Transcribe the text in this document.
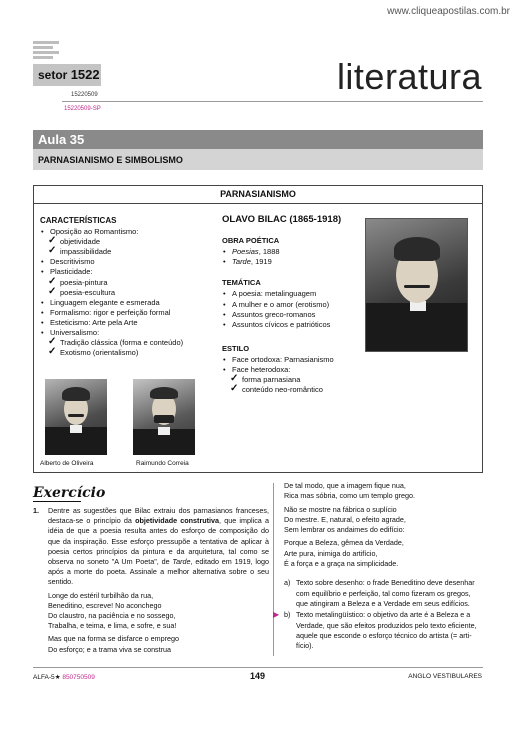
www.cliqueapostilas.com.br
setor 1522
15220509
15220509-SP
literatura
Aula 35
PARNASIANISMO E SIMBOLISMO
PARNASIANISMO
CARACTERÍSTICAS
• Oposição ao Romantismo:
✓ objetividade
✓ impassibilidade
• Descritivismo
• Plasticidade:
✓ poesia-pintura
✓ poesia-escultura
• Linguagem elegante e esmerada
• Formalismo: rigor e perfeição formal
• Esteticismo: Arte pela Arte
• Universalismo:
✓ Tradição clássica (forma e conteúdo)
✓ Exotismo (orientalismo)
OLAVO BILAC (1865-1918)
OBRA POÉTICA
• Poesias, 1888
• Tarde, 1919
TEMÁTICA
• A poesia: metalinguagem
• A mulher e o amor (erotismo)
• Assuntos greco-romanos
• Assuntos cívicos e patrióticos
ESTILO
• Face ortodoxa: Parnasianismo
• Face heterodoxa:
✓ forma parnasiana
✓ conteúdo neo-romântico
Alberto de Oliveira	Raimundo Correia
Exercício
1. Dentre as sugestões que Bilac extraiu dos parnasianos franceses, destaca-se o princípio da objetividade construtiva, que implica a idéia de que a poesia resulta antes do esforço de composição do que da inspiração. Esse esforço pressupõe a tentativa de aplicar à poesia certos princípios da pintura e da arquitetura, tal como se observa no soneto "A Um Poeta", de Tarde, editado em 1919, logo após a morte do poeta. Assinale a melhor alternativa sobre o seu sentido.

Longe do estéril turbilhão da rua,
Beneditino, escreve! No aconchego
Do claustro, na paciência e no sossego,
Trabalha, e teima, e lima, e sofre, e sua!
Mas que na forma se disfarce o emprego
Do esforço; e a trama viva se construa
De tal modo, que a imagem fique nua,
Rica mas sóbria, como um templo grego.
Não se mostre na fábrica o suplício
Do mestre. E, natural, o efeito agrade,
Sem lembrar os andaimes do edifício:
Porque a Beleza, gêmea da Verdade,
Arte pura, inimiga do artifício,
É a força e a graça na simplicidade.
a) Texto sobre desenho: o frade Beneditino deve desenhar com equilíbrio e perfeição, tal como fizeram os gregos, que atingiram a Beleza e a Verdade em seus edifícios.
▶ b) Texto metalingüístico: o objetivo da arte é a Beleza e a Verdade, que são efeitos produzidos pelo texto eficiente, aquele que esconde o esforço técnico do artista (= artifício).
ALFA-5★ 850750509	149	ANGLO VESTIBULARES
